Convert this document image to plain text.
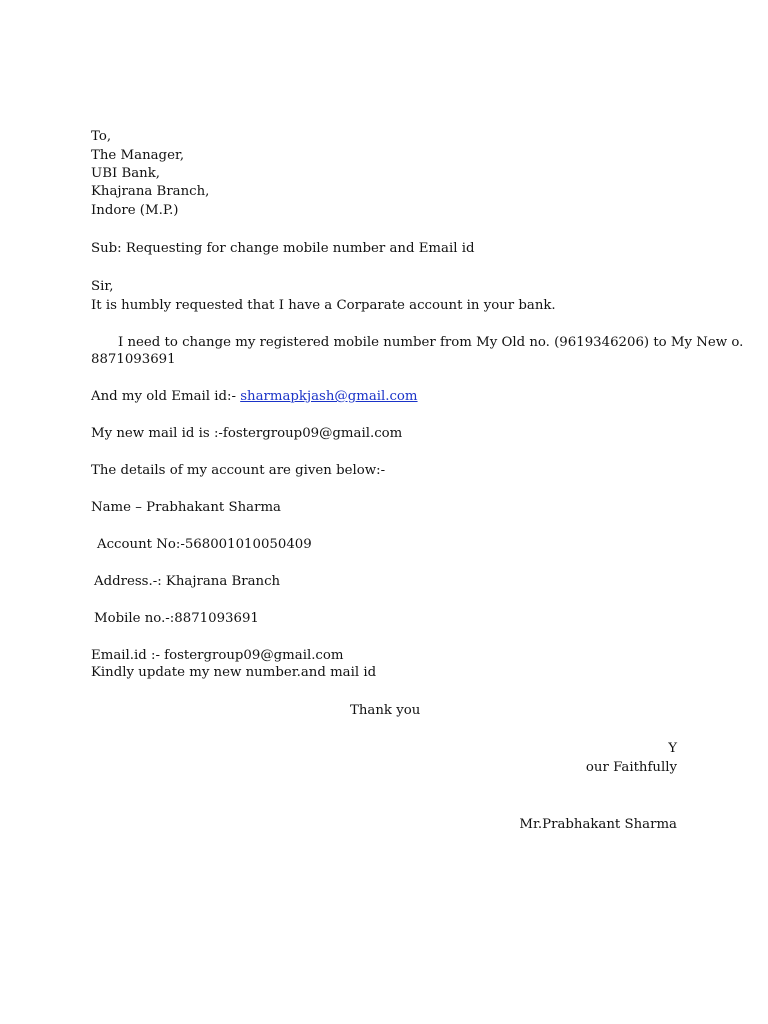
To,
The Manager,
UBI Bank,
Khajrana Branch,
Indore (M.P.)
Sub: Requesting for change mobile number and Email id
Sir,
It is humbly requested that I have a Corparate account in your bank.
I need to change my registered mobile number from My Old no. (9619346206) to My New o.
8871093691
And my old Email id:- sharmapkjash@gmail.com
My new mail id is :-fostergroup09@gmail.com
The details of my account are given below:-
Name – Prabhakant Sharma
Account No:-568001010050409
Address.-: Khajrana Branch
Mobile no.-:8871093691
Email.id :- fostergroup09@gmail.com
Kindly update my new number.and mail id
Thank you
Y
our Faithfully
Mr.Prabhakant Sharma
